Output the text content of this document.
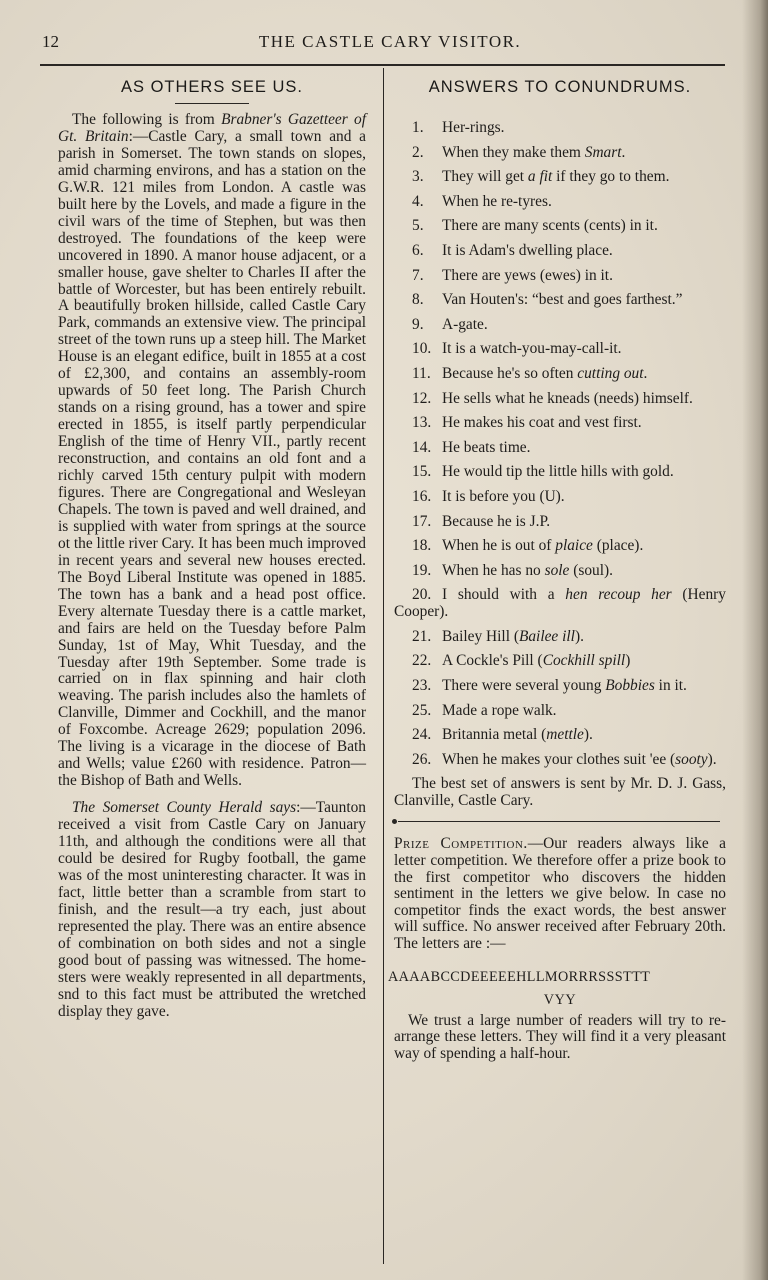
12	THE CASTLE CARY VISITOR.
AS OTHERS SEE US.

The following is from Brabner's Gazetteer of Gt. Britain:—Castle Cary, a small town and a parish in Somerset. The town stands on slopes, amid charming environs, and has a station on the G.W.R. 121 miles from London. A castle was built here by the Lovels, and made a figure in the civil wars of the time of Stephen, but was then destroyed. The foundations of the keep were uncovered in 1890. A manor house adjacent, or a smaller house, gave shelter to Charles II after the battle of Worcester, but has been entirely rebuilt. A beautifully broken hillside, called Castle Cary Park, commands an extensive view. The principal street of the town runs up a steep hill. The Market House is an elegant edifice, built in 1855 at a cost of £2,300, and contains an assembly-room upwards of 50 feet long. The Parish Church stands on a rising ground, has a tower and spire erected in 1855, is itself partly perpendicular English of the time of Henry VII., partly recent reconstruction, and contains an old font and a richly carved 15th century pulpit with modern figures. There are Congregational and Wesleyan Chapels. The town is paved and well drained, and is supplied with water from springs at the source ot the little river Cary. It has been much improved in recent years and several new houses erected. The Boyd Liberal Institute was opened in 1885. The town has a bank and a head post office. Every alternate Tuesday there is a cattle market, and fairs are held on the Tuesday before Palm Sunday, 1st of May, Whit Tuesday, and the Tuesday after 19th September. Some trade is carried on in flax spinning and hair cloth weaving. The parish includes also the hamlets of Clanville, Dimmer and Cockhill, and the manor of Foxcombe. Acreage 2629; population 2096. The living is a vicarage in the diocese of Bath and Wells; value £260 with residence. Patron—the Bishop of Bath and Wells.

The Somerset County Herald says:—Taunton received a visit from Castle Cary on January 11th, and although the conditions were all that could be desired for Rugby football, the game was of the most uninteresting character. It was in fact, little better than a scramble from start to finish, and the result—a try each, just about represented the play. There was an entire absence of combination on both sides and not a single good bout of passing was witnessed. The home-sters were weakly represented in all departments, snd to this fact must be attributed the wretched display they gave.

ANSWERS TO CONUNDRUMS.
1. Her-rings.
2. When they make them Smart.
3. They will get a fit if they go to them.
4. When he re-tyres.
5. There are many scents (cents) in it.
6. It is Adam's dwelling place.
7. There are yews (ewes) in it.
8. Van Houten's: “best and goes farthest.”
9. A-gate.
10. It is a watch-you-may-call-it.
11. Because he's so often cutting out.
12. He sells what he kneads (needs) himself.
13. He makes his coat and vest first.
14. He beats time.
15. He would tip the little hills with gold.
16. It is before you (U).
17. Because he is J.P.
18. When he is out of plaice (place).
19. When he has no sole (soul).
20. I should with a hen recoup her (Henry Cooper).
21. Bailey Hill (Bailee ill).
22. A Cockle's Pill (Cockhill spill)
23. There were several young Bobbies in it.
25. Made a rope walk.
24. Britannia metal (mettle).
26. When he makes your clothes suit 'ee (sooty).

The best set of answers is sent by Mr. D. J. Gass, Clanville, Castle Cary.

Prize Competition.—Our readers always like a letter competition. We therefore offer a prize book to the first competitor who discovers the hidden sentiment in the letters we give below. In case no competitor finds the exact words, the best answer will suffice. No answer received after February 20th. The letters are :—

AAAABCCDEEEEEHLLMORRRSSSTTT
VYY

We trust a large number of readers will try to re-arrange these letters. They will find it a very pleasant way of spending a half-hour.
